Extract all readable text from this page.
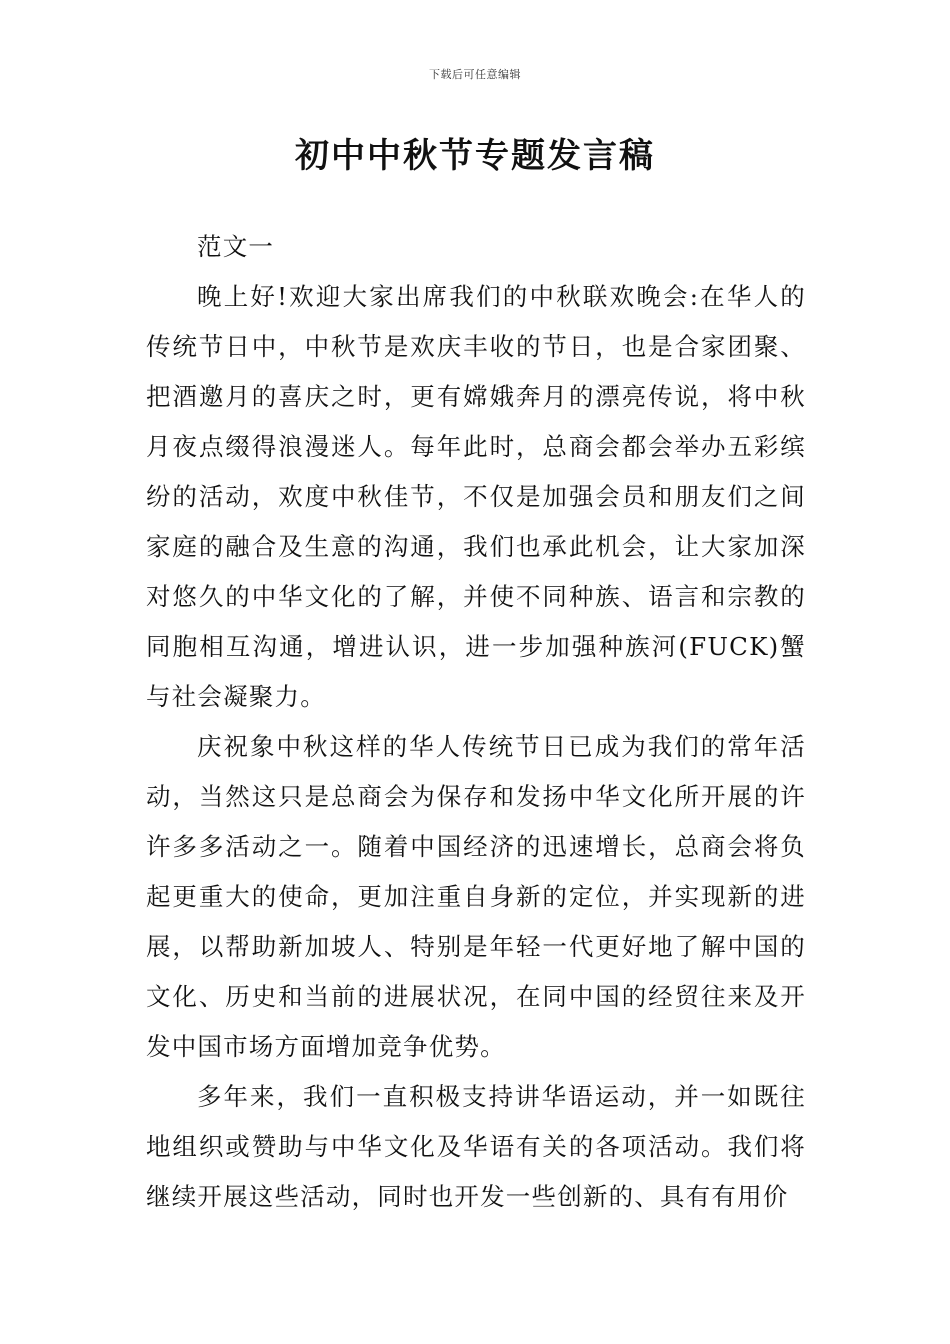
下载后可任意编辑
初中中秋节专题发言稿

范文一

晚上好!欢迎大家出席我们的中秋联欢晚会:在华人的传统节日中，中秋节是欢庆丰收的节日，也是合家团聚、把酒邀月的喜庆之时，更有嫦娥奔月的漂亮传说，将中秋月夜点缀得浪漫迷人。每年此时，总商会都会举办五彩缤纷的活动，欢度中秋佳节，不仅是加强会员和朋友们之间家庭的融合及生意的沟通，我们也承此机会，让大家加深对悠久的中华文化的了解，并使不同种族、语言和宗教的同胞相互沟通，增进认识，进一步加强种族河(FUCK)蟹与社会凝聚力。

庆祝象中秋这样的华人传统节日已成为我们的常年活动，当然这只是总商会为保存和发扬中华文化所开展的许许多多活动之一。随着中国经济的迅速增长，总商会将负起更重大的使命，更加注重自身新的定位，并实现新的进展，以帮助新加坡人、特别是年轻一代更好地了解中国的文化、历史和当前的进展状况，在同中国的经贸往来及开发中国市场方面增加竞争优势。

多年来，我们一直积极支持讲华语运动，并一如既往地组织或赞助与中华文化及华语有关的各项活动。我们将继续开展这些活动，同时也开发一些创新的、具有有用价
